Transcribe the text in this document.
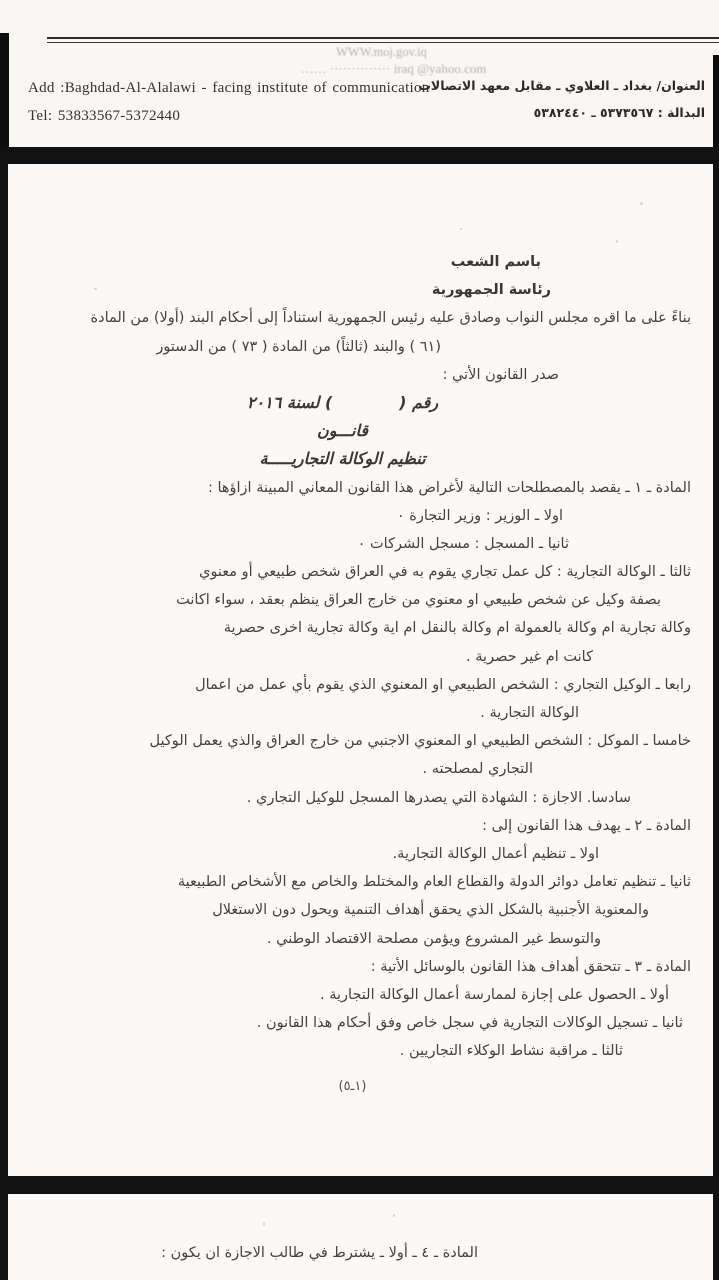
WWW.moj.gov.iq
…… ·············· iraq @yahoo.com
Add :Baghdad-Al-Alalawi - facing institute of communication
Tel: 53833567-5372440
العنوان/ بغداد ـ العلاوي ـ مقابل معهد الاتصالات
البدالة : ٥٣٧٣٥٦٧ ـ ٥٣٨٢٤٤٠
باسم الشعب
رئاسة الجمهورية
بناءً على ما اقره مجلس النواب وصادق عليه رئيس الجمهورية استناداً إلى أحكام البند (أولا) من المادة
(٦١ ) والبند (ثالثاً) من المادة ( ٧٣ ) من الدستور
صدر القانون الأتي :
رقم (            ) لسنة ٢٠١٦
قانـــون
تنظيم الوكالة التجاريـــــة
المادة ـ ١ ـ يقصد بالمصطلحات التالية لأغراض هذا القانون المعاني المبينة ازاؤها :
اولا ـ الوزير : وزير التجارة ٠
ثانيا ـ المسجل : مسجل الشركات ٠
ثالثا ـ الوكالة التجارية : كل عمل تجاري يقوم به في العراق شخص طبيعي أو معنوي
بصفة وكيل عن شخص طبيعي او معنوي من خارج العراق ينظم بعقد ، سواء اكانت
وكالة تجارية ام وكالة بالعمولة ام وكالة بالنقل ام اية وكالة تجارية اخرى حصرية
كانت ام غير حصرية .
رابعا ـ الوكيل التجاري : الشخص الطبيعي او المعنوي الذي يقوم بأي عمل من اعمال
الوكالة التجارية .
خامسا ـ الموكل : الشخص الطبيعي او المعنوي الاجنبي من خارج العراق والذي يعمل الوكيل
التجاري لمصلحته .
سادسا. الاجازة : الشهادة التي يصدرها المسجل للوكيل التجاري .
المادة ـ ٢ ـ يهدف هذا القانون إلى :
اولا ـ تنظيم أعمال الوكالة التجارية.
ثانيا ـ تنظيم تعامل دوائر الدولة والقطاع العام والمختلط والخاص مع الأشخاص الطبيعية
والمعنوية الأجنبية بالشكل الذي يحقق أهداف التنمية ويحول دون الاستغلال
والتوسط غير المشروع ويؤمن مصلحة الاقتصاد الوطني .
المادة ـ ٣ ـ تتحقق أهداف هذا القانون بالوسائل الأتية :
أولا ـ الحصول على إجازة لممارسة أعمال الوكالة التجارية .
ثانيا ـ تسجيل الوكالات التجارية في سجل خاص وفق أحكام هذا القانون .
ثالثا ـ مراقبة نشاط الوكلاء التجاريين .
(١ـ٥)
المادة ـ ٤ ـ أولا ـ يشترط في طالب الاجازة ان يكون :
